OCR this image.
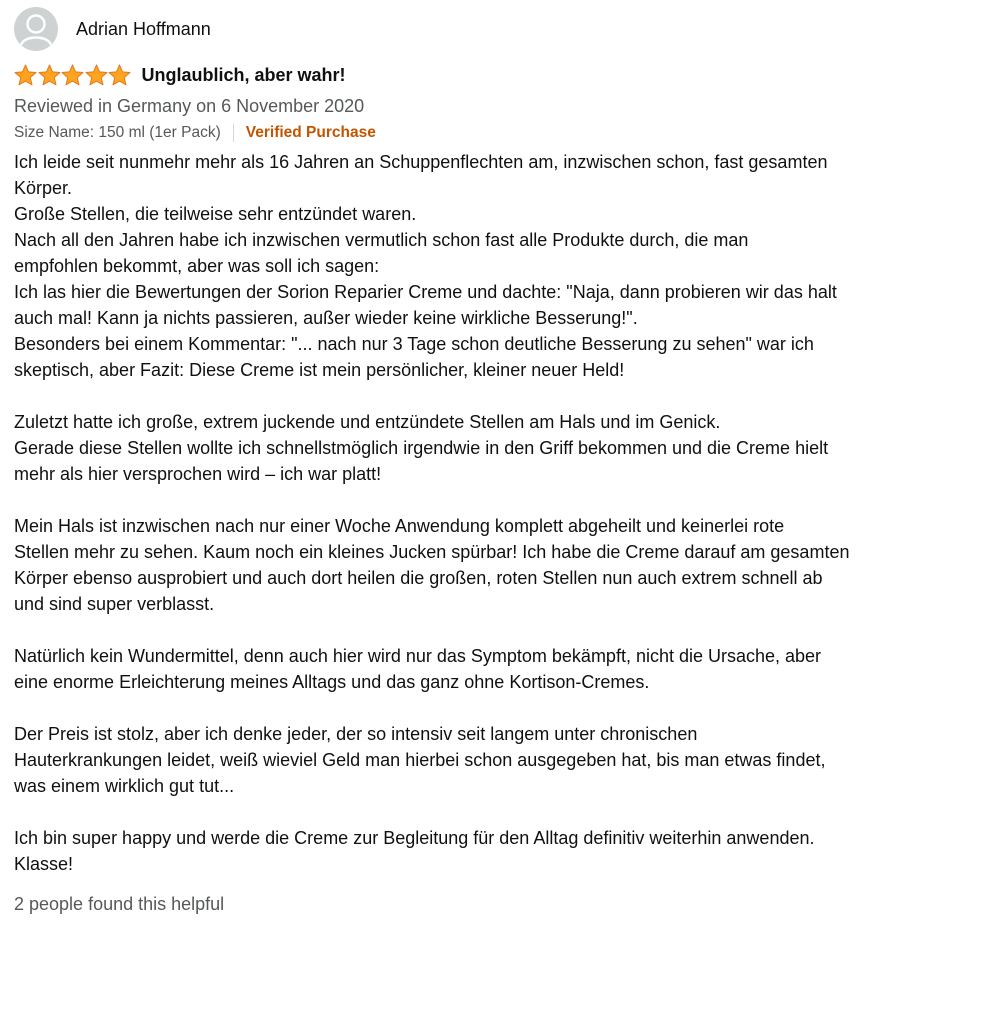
Adrian Hoffmann
Unglaublich, aber wahr!
Reviewed in Germany on 6 November 2020
Size Name: 150 ml (1er Pack) Verified Purchase

Ich leide seit nunmehr mehr als 16 Jahren an Schuppenflechten am, inzwischen schon, fast gesamten
Körper.
Große Stellen, die teilweise sehr entzündet waren.
Nach all den Jahren habe ich inzwischen vermutlich schon fast alle Produkte durch, die man
empfohlen bekommt, aber was soll ich sagen:
Ich las hier die Bewertungen der Sorion Reparier Creme und dachte: "Naja, dann probieren wir das halt
auch mal! Kann ja nichts passieren, außer wieder keine wirkliche Besserung!".
Besonders bei einem Kommentar: "... nach nur 3 Tage schon deutliche Besserung zu sehen" war ich
skeptisch, aber Fazit: Diese Creme ist mein persönlicher, kleiner neuer Held!

Zuletzt hatte ich große, extrem juckende und entzündete Stellen am Hals und im Genick.
Gerade diese Stellen wollte ich schnellstmöglich irgendwie in den Griff bekommen und die Creme hielt
mehr als hier versprochen wird – ich war platt!

Mein Hals ist inzwischen nach nur einer Woche Anwendung komplett abgeheilt und keinerlei rote
Stellen mehr zu sehen. Kaum noch ein kleines Jucken spürbar! Ich habe die Creme darauf am gesamten
Körper ebenso ausprobiert und auch dort heilen die großen, roten Stellen nun auch extrem schnell ab
und sind super verblasst.

Natürlich kein Wundermittel, denn auch hier wird nur das Symptom bekämpft, nicht die Ursache, aber
eine enorme Erleichterung meines Alltags und das ganz ohne Kortison-Cremes.

Der Preis ist stolz, aber ich denke jeder, der so intensiv seit langem unter chronischen
Hauterkrankungen leidet, weiß wieviel Geld man hierbei schon ausgegeben hat, bis man etwas findet,
was einem wirklich gut tut...

Ich bin super happy und werde die Creme zur Begleitung für den Alltag definitiv weiterhin anwenden.
Klasse!

2 people found this helpful
